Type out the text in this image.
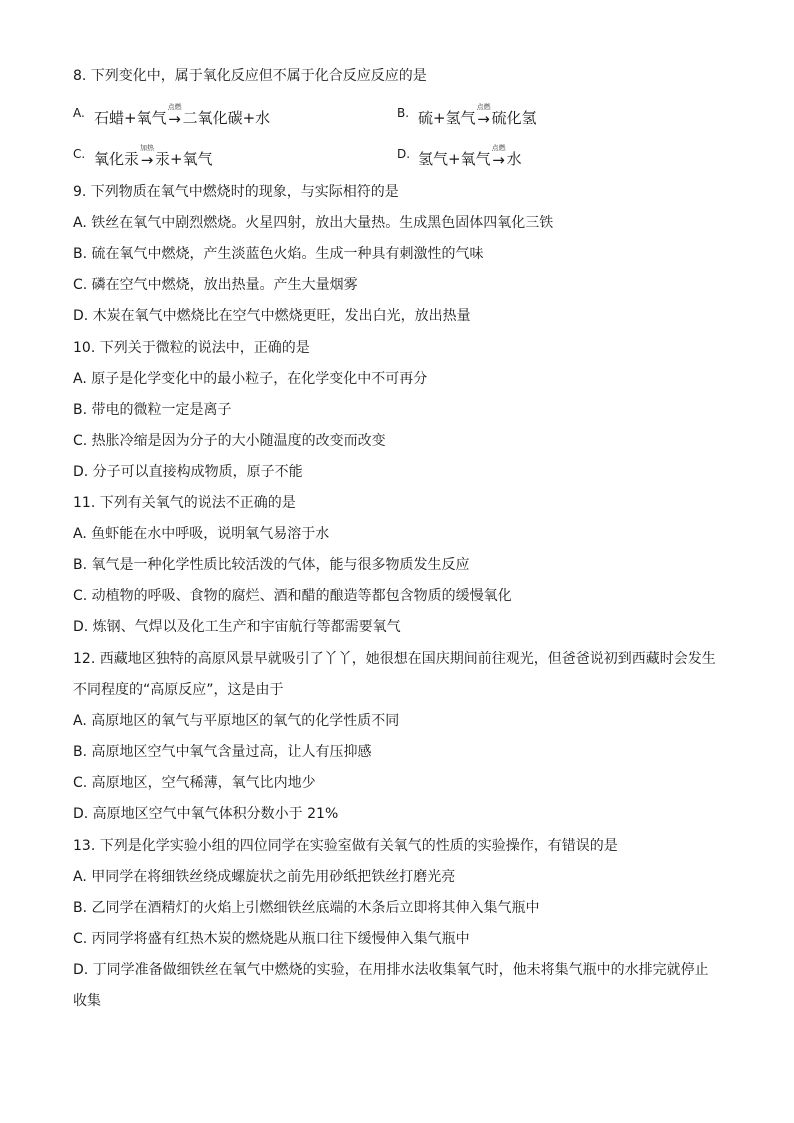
8. 下列变化中，属于氧化反应但不属于化合反应反应的是
A. 石蜡+氧气
点燃
→ 二氧化碳+水	B. 硫+氢气
点燃
→ 硫化氢
C. 氧化汞
加热
→ 汞+氧气	D. 氢气+氧气
点燃
→ 水
9. 下列物质在氧气中燃烧时的现象，与实际相符的是
A. 铁丝在氧气中剧烈燃烧。火星四射，放出大量热。生成黑色固体四氧化三铁
B. 硫在氧气中燃烧，产生淡蓝色火焰。生成一种具有刺激性的气味
C. 磷在空气中燃烧，放出热量。产生大量烟雾
D. 木炭在氧气中燃烧比在空气中燃烧更旺，发出白光，放出热量
10. 下列关于微粒的说法中，正确的是
A. 原子是化学变化中的最小粒子，在化学变化中不可再分
B. 带电的微粒一定是离子
C. 热胀冷缩是因为分子的大小随温度的改变而改变
D. 分子可以直接构成物质，原子不能
11. 下列有关氧气的说法不正确的是
A. 鱼虾能在水中呼吸，说明氧气易溶于水
B. 氧气是一种化学性质比较活泼的气体，能与很多物质发生反应
C. 动植物的呼吸、食物的腐烂、酒和醋的酿造等都包含物质的缓慢氧化
D. 炼钢、气焊以及化工生产和宇宙航行等都需要氧气
12. 西藏地区独特的高原风景早就吸引了丫丫，她很想在国庆期间前往观光，但爸爸说初到西藏时会发生
不同程度的“高原反应”，这是由于
A. 高原地区的氧气与平原地区的氧气的化学性质不同
B. 高原地区空气中氧气含量过高，让人有压抑感
C. 高原地区，空气稀薄，氧气比内地少
D. 高原地区空气中氧气体积分数小于 21%
13. 下列是化学实验小组的四位同学在实验室做有关氧气的性质的实验操作，有错误的是
A. 甲同学在将细铁丝绕成螺旋状之前先用砂纸把铁丝打磨光亮
B. 乙同学在酒精灯的火焰上引燃细铁丝底端的木条后立即将其伸入集气瓶中
C. 丙同学将盛有红热木炭的燃烧匙从瓶口往下缓慢伸入集气瓶中
D. 丁同学准备做细铁丝在氧气中燃烧的实验，在用排水法收集氧气时，他未将集气瓶中的水排完就停止
收集
